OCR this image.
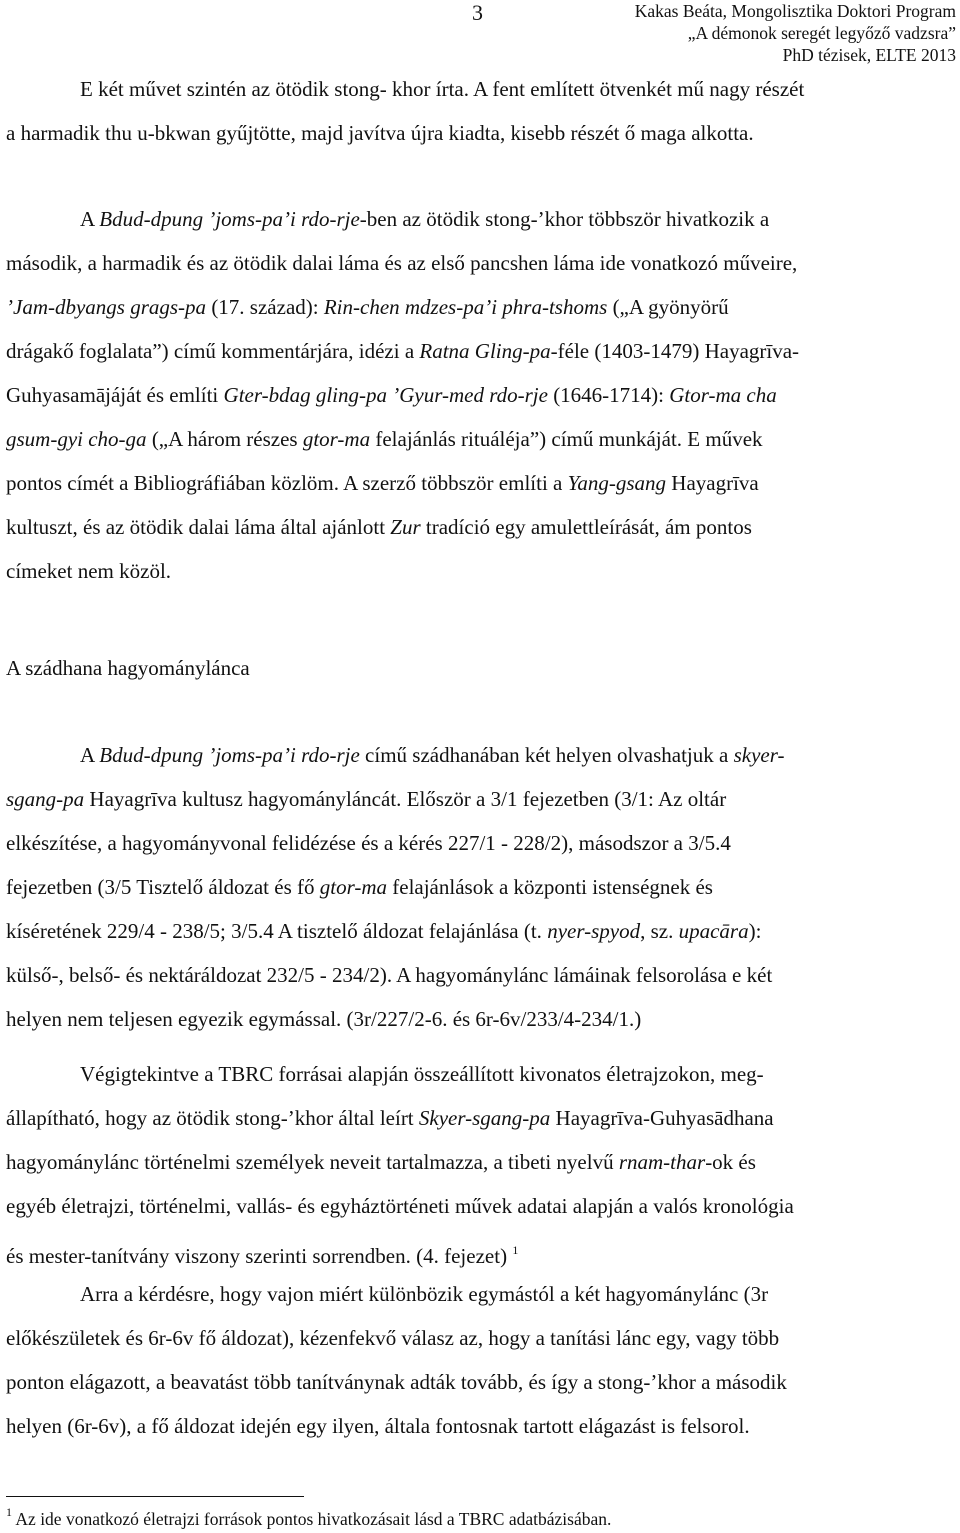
3	Kakas Beáta, Mongolisztika Doktori Program
„A démonok seregét legyőző vadzsra”
PhD tézisek, ELTE 2013
E két művet szintén az ötödik stong- khor írta. A fent említett ötvenkét mű nagy részét
a harmadik thu u-bkwan gyűjtötte, majd javítva újra kiadta, kisebb részét ő maga alkotta.
A Bdud-dpung ’joms-pa’i rdo-rje-ben az ötödik stong-’khor többször hivatkozik a
második, a harmadik és az ötödik dalai láma és az első pancshen láma ide vonatkozó műveire,
’Jam-dbyangs grags-pa (17. század): Rin-chen mdzes-pa’i phra-tshoms („A gyönyörű
drágakő foglalata”) című kommentárjára, idézi a Ratna Gling-pa-féle (1403-1479) Hayagrīva-
Guhyasamājáját és említi Gter-bdag gling-pa ’Gyur-med rdo-rje (1646-1714): Gtor-ma cha
gsum-gyi cho-ga („A három részes gtor-ma felajánlás rituáléja”) című munkáját. E művek
pontos címét a Bibliográfiában közlöm. A szerző többször említi a Yang-gsang Hayagrīva
kultuszt, és az ötödik dalai láma által ajánlott Zur tradíció egy amulettleírását, ám pontos
címeket nem közöl.
A szádhana hagyományláncа
A Bdud-dpung ’joms-pa’i rdo-rje című szádhanában két helyen olvashatjuk a skyer-
sgang-pa Hayagrīva kultusz hagyományláncát. Először a 3/1 fejezetben (3/1: Az oltár
elkészítése, a hagyományvonal felidézése és a kérés 227/1 - 228/2), másodszor a 3/5.4
fejezetben (3/5 Tisztelő áldozat és fő gtor-ma felajánlások a központi istenségnek és
kíséretének 229/4 - 238/5; 3/5.4 A tisztelő áldozat felajánlása (t. nyer-spyod, sz. upacāra):
külső-, belső- és nektáráldozat 232/5 - 234/2). A hagyománylánc lámáinak felsorolása e két
helyen nem teljesen egyezik egymással. (3r/227/2-6. és 6r-6v/233/4-234/1.)
Végigtekintve a TBRC forrásai alapján összeállított kivonatos életrajzokon, meg-
állapítható, hogy az ötödik stong-’khor által leírt Skyer-sgang-pa Hayagrīva-Guhyasādhana
hagyománylánc történelmi személyek neveit tartalmazza, a tibeti nyelvű rnam-thar-ok és
egyéb életrajzi, történelmi, vallás- és egyháztörténeti művek adatai alapján a valós kronológia
és mester-tanítvány viszony szerinti sorrendben. (4. fejezet) $^1$
Arra a kérdésre, hogy vajon miért különbözik egymástól a két hagyománylánc (3r
előkészületek és 6r-6v fő áldozat), kézenfekvő válasz az, hogy a tanítási lánc egy, vagy több
ponton elágazott, a beavatást több tanítványnak adták tovább, és így a stong-’khor a második
helyen (6r-6v), a fő áldozat idején egy ilyen, általa fontosnak tartott elágazást is felsorol.
$^1$ Az ide vonatkozó életrajzi források pontos hivatkozásait lásd a TBRC adatbázisában.
